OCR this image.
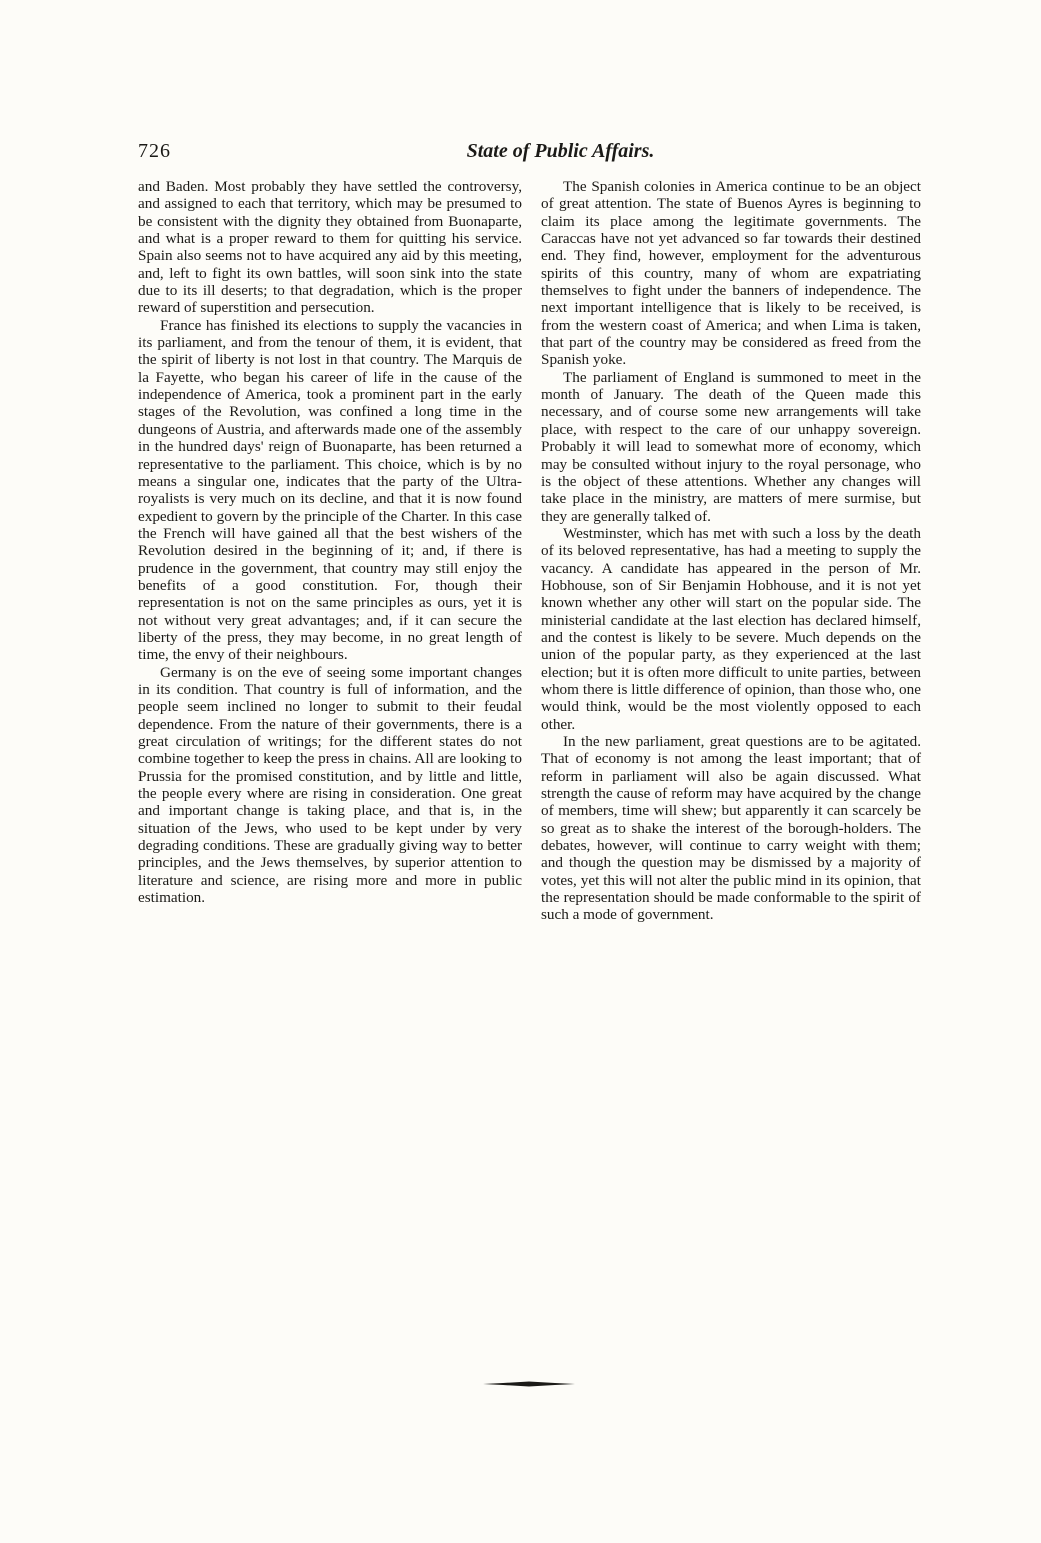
726	State of Public Affairs.

and Baden. Most probably they have settled the controversy, and assigned to each that territory, which may be presumed to be consistent with the dignity they obtained from Buonaparte, and what is a proper reward to them for quitting his service. Spain also seems not to have acquired any aid by this meeting, and, left to fight its own battles, will soon sink into the state due to its ill deserts; to that degradation, which is the proper reward of superstition and persecution.

France has finished its elections to supply the vacancies in its parliament, and from the tenour of them, it is evident, that the spirit of liberty is not lost in that country. The Marquis de la Fayette, who began his career of life in the cause of the independence of America, took a prominent part in the early stages of the Revolution, was confined a long time in the dungeons of Austria, and afterwards made one of the assembly in the hundred days' reign of Buonaparte, has been returned a representative to the parliament. This choice, which is by no means a singular one, indicates that the party of the Ultra-royalists is very much on its decline, and that it is now found expedient to govern by the principle of the Charter. In this case the French will have gained all that the best wishers of the Revolution desired in the beginning of it; and, if there is prudence in the government, that country may still enjoy the benefits of a good constitution. For, though their representation is not on the same principles as ours, yet it is not without very great advantages; and, if it can secure the liberty of the press, they may become, in no great length of time, the envy of their neighbours.

Germany is on the eve of seeing some important changes in its condition. That country is full of information, and the people seem inclined no longer to submit to their feudal dependence. From the nature of their governments, there is a great circulation of writings; for the different states do not combine together to keep the press in chains. All are looking to Prussia for the promised constitution, and by little and little, the people every where are rising in consideration. One great and important change is taking place, and that is, in the situation of the Jews, who used to be kept under by very degrading conditions. These are gradually giving way to better principles, and the Jews themselves, by superior attention to literature and science, are rising more and more in public estimation.

The Spanish colonies in America continue to be an object of great attention. The state of Buenos Ayres is beginning to claim its place among the legitimate governments. The Caraccas have not yet advanced so far towards their destined end. They find, however, employment for the adventurous spirits of this country, many of whom are expatriating themselves to fight under the banners of independence. The next important intelligence that is likely to be received, is from the western coast of America; and when Lima is taken, that part of the country may be considered as freed from the Spanish yoke.

The parliament of England is summoned to meet in the month of January. The death of the Queen made this necessary, and of course some new arrangements will take place, with respect to the care of our unhappy sovereign. Probably it will lead to somewhat more of economy, which may be consulted without injury to the royal personage, who is the object of these attentions. Whether any changes will take place in the ministry, are matters of mere surmise, but they are generally talked of.

Westminster, which has met with such a loss by the death of its beloved representative, has had a meeting to supply the vacancy. A candidate has appeared in the person of Mr. Hobhouse, son of Sir Benjamin Hobhouse, and it is not yet known whether any other will start on the popular side. The ministerial candidate at the last election has declared himself, and the contest is likely to be severe. Much depends on the union of the popular party, as they experienced at the last election; but it is often more difficult to unite parties, between whom there is little difference of opinion, than those who, one would think, would be the most violently opposed to each other.

In the new parliament, great questions are to be agitated. That of economy is not among the least important; that of reform in parliament will also be again discussed. What strength the cause of reform may have acquired by the change of members, time will shew; but apparently it can scarcely be so great as to shake the interest of the borough-holders. The debates, however, will continue to carry weight with them; and though the question may be dismissed by a majority of votes, yet this will not alter the public mind in its opinion, that the representation should be made conformable to the spirit of such a mode of government.
